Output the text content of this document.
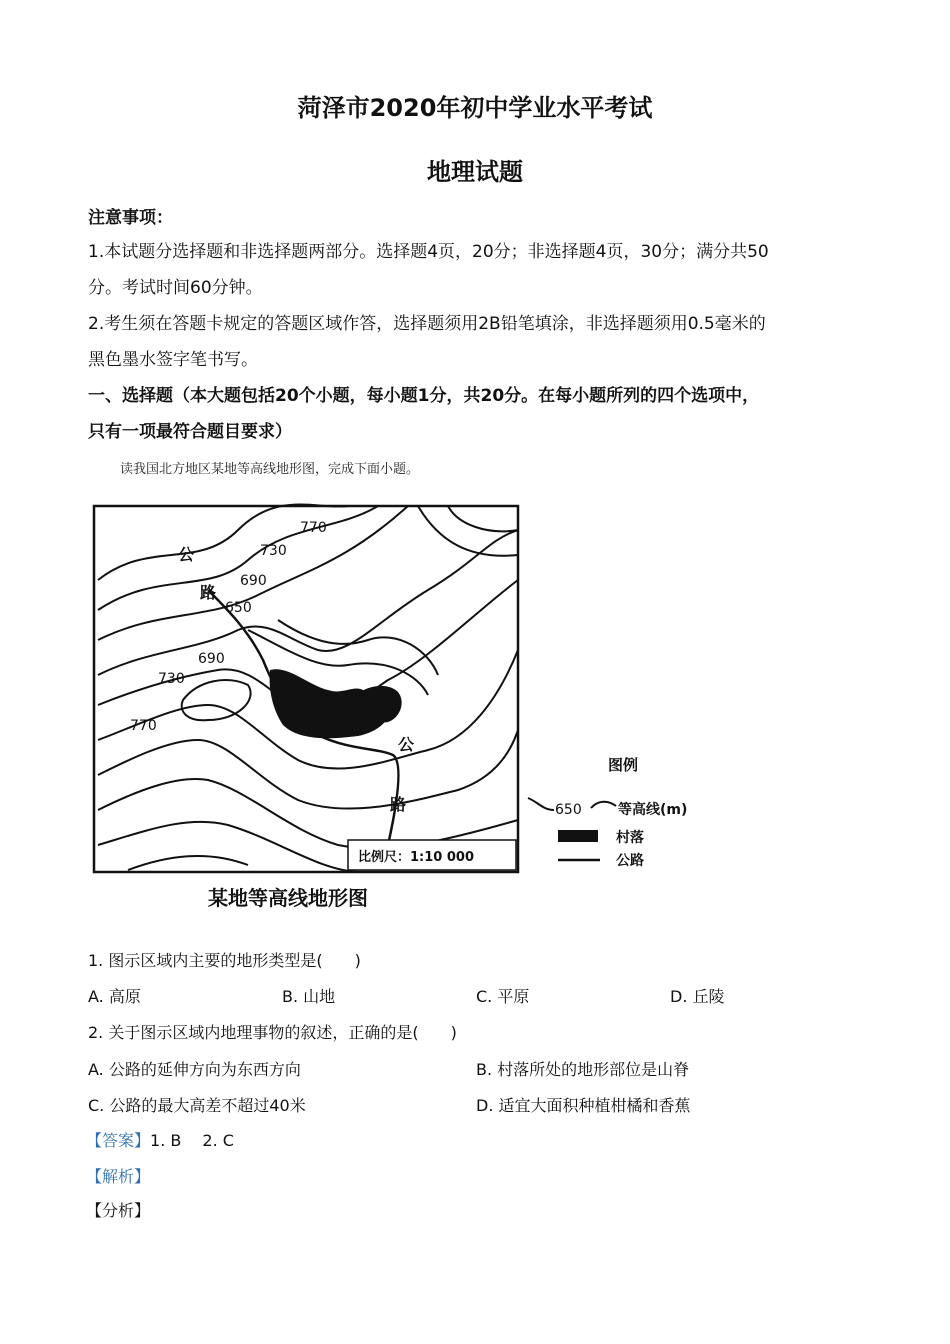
菏泽市2020年初中学业水平考试
地理试题
注意事项：
1.本试题分选择题和非选择题两部分。选择题4页，20分；非选择题4页，30分；满分共50
分。考试时间60分钟。
2.考生须在答题卡规定的答题区域作答，选择题须用2B铅笔填涂，非选择题须用0.5毫米的
黑色墨水签字笔书写。
一、选择题（本大题包括20个小题，每小题1分，共20分。在每小题所列的四个选项中，
只有一项最符合题目要求）
读我国北方地区某地等高线地形图，完成下面小题。
770
730
690
650
690
730
770
公
路
公
路
比例尺：1:10 000
图例
650	等高线(m)
村落
公路
某地等高线地形图
1. 图示区域内主要的地形类型是(　　)
A. 高原	B. 山地	C. 平原	D. 丘陵
2. 关于图示区域内地理事物的叙述，正确的是(　　)
A. 公路的延伸方向为东西方向	B. 村落所处的地形部位是山脊
C. 公路的最大高差不超过40米	D. 适宜大面积种植柑橘和香蕉
【答案】1. B　 2. C
【解析】
【分析】
